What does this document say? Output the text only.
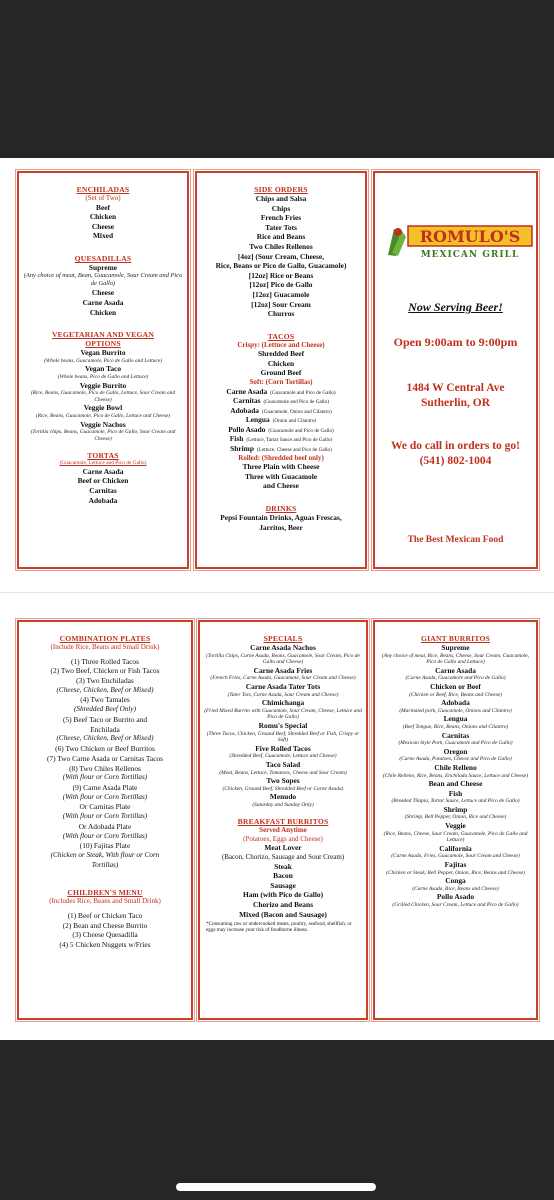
ENCHILADAS
(Set of Two)
Beef
Chicken
Cheese
Mixed
QUESADILLAS
Supreme
(Any choice of meat, Bean, Guacamole, Sour Cream and Pico de Gallo)
Cheese
Carne Asada
Chicken
VEGETARIAN AND VEGAN OPTIONS
Vegan Burrito
(Whole beans, Guacamole, Pico de Gallo and Lettuce)
Vegan Taco
(Whole beans, Pico de Gallo and Lettuce)
Veggie Burrito
(Rice, Beans, Guacamole, Pico de Gallo, Lettuce, Sour Cream and Cheese)
Veggie Bowl
(Rice, Beans, Guacamole, Pico de Gallo, Lettuce and Cheese)
Veggie Nachos
(Tortilla chips, Beans, Guacamole, Pico de Gallo, Sour Cream and Cheese)
TORTAS
(Guacamole, Lettuce and Pico de Gallo)
Carne Asada
Beef or Chicken
Carnitas
Adobada
SIDE ORDERS
Chips and Salsa
Chips
French Fries
Tater Tots
Rice and Beans
Two Chiles Rellenos
[4oz] (Sour Cream, Cheese,
Rice, Beans or Pico de Gallo, Guacamole)
[12oz] Rice or Beans
[12oz] Pico de Gallo
[12oz] Guacamole
[12oz] Sour Cream
Churros
TACOS
Crispy: (Lettuce and Cheese)
Shredded Beef
Chicken
Ground Beef
Soft: (Corn Tortillas)
Carne Asada (Guacamole and Pico de Gallo)
Carnitas (Guacamole and Pico de Gallo)
Adobada (Guacamole, Onion and Cilantro)
Lengua (Onion and Cilantro)
Pollo Asado (Guacamole and Pico de Gallo)
Fish (Lettuce, Tartar Sauce and Pico de Gallo)
Shrimp (Lettuce, Cheese and Pico de Gallo)
Rolled: (Shredded beef only)
Three Plain with Cheese
Three with Guacamole
and Cheese
DRINKS
Pepsi Fountain Drinks, Aguas Frescas,
Jarritos, Beer
ROMULO'S
MEXICAN GRILL
Now Serving Beer!
Open 9:00am to 9:00pm
1484 W Central Ave
Sutherlin, OR
We do call in orders to go!
(541) 802-1004
The Best Mexican Food
COMBINATION PLATES
(Include Rice, Beans and Small Drink)
(1) Three Rolled Tacos
(2) Two Beef, Chicken or Fish Tacos
(3) Two Enchiladas
(Cheese, Chicken, Beef or Mixed)
(4) Two Tamales
(Shredded Beef Only)
(5) Beef Taco or Burrito and
Enchilada
(Cheese, Chicken, Beef or Mixed)
(6) Two Chicken or Beef Burritos
(7) Two Carne Asada or Carnitas Tacos
(8) Two Chiles Rellenos
(With flour or Corn Tortillas)
(9) Carne Asada Plate
(With flour or Corn Tortillas)
Or Carnitas Plate
(With flour or Corn Tortillas)
Or Adobada Plate
(With flour or Corn Tortillas)
(10) Fajitas Plate
(Chicken or Steak, With flour or Corn
Tortillas)
CHILDREN'S MENU
(Includes Rice, Beans and Small Drink)
(1) Beef or Chicken Taco
(2) Bean and Cheese Burrito
(3) Cheese Quesadilla
(4) 5 Chicken Nuggets w/Fries
SPECIALS
Carne Asada Nachos
(Tortilla Chips, Carne Asada, Beans, Guacamole, Sour Cream, Pico de Gallo and Cheese)
Carne Asada Fries
(French Fries, Carne Asada, Guacamole, Sour Cream and Cheese)
Carne Asada Tater Tots
(Tater Tots, Carne Asada, Sour Cream and Cheese)
Chimichanga
(Fried Mixed Burrito with Guacamole, Sour Cream, Cheese, Lettuce and Pico de Gallo)
Romu's Special
(Three Tacos, Chicken, Ground Beef, Shredded Beef or Fish, Crispy or Soft)
Five Rolled Tacos
(Shredded Beef, Guacamole, Lettuce and Cheese)
Taco Salad
(Meat, Beans, Lettuce, Tomatoes, Cheese and Sour Cream)
Two Sopes
(Chicken, Ground Beef, Shredded Beef or Carne Asada)
Menudo
(Saturday and Sunday Only)
BREAKFAST BURRITOS
Served Anytime
(Potatoes, Eggs and Cheese)
Meat Lover
(Bacon, Chorizo, Sausage and Sour Cream)
Steak
Bacon
Sausage
Ham (with Pico de Gallo)
Chorizo and Beans
Mixed (Bacon and Sausage)
*Consuming raw or undercooked meats, poultry, seafood, shellfish, or eggs may increase your risk of foodborne illness.
GIANT BURRITOS
Supreme
(Any choice of meat, Rice, Beans, Cheese, Sour Cream, Guacamole, Pico de Gallo and Lettuce)
Carne Asada
(Carne Asada, Guacamole and Pico de Gallo)
Chicken or Beef
(Chicken or Beef, Rice, Beans and Cheese)
Adobada
(Marinated pork, Guacamole, Onions and Cilantro)
Lengua
(Beef Tongue, Rice, Beans, Onions and Cilantro)
Carnitas
(Mexican Style Pork, Guacamole and Pico de Gallo)
Oregon
(Carne Asada, Potatoes, Cheese and Pico de Gallo)
Chile Relleno
(Chile Relleno, Rice, Beans, Enchilada Sauce, Lettuce and Cheese)
Bean and Cheese
Fish
(Breaded Tilapia, Tartar Sauce, Lettuce and Pico de Gallo)
Shrimp
(Shrimp, Bell Pepper, Onion, Rice and Cheese)
Veggie
(Rice, Beans, Cheese, Sour Cream, Guacamole, Pico de Gallo and Lettuce)
California
(Carne Asada, Fries, Guacamole, Sour Cream and Cheese)
Fajitas
(Chicken or Steak, Bell Pepper, Onion, Rice, Beans and Cheese)
Conga
(Carne Asada, Rice, Beans and Cheese)
Pollo Asado
(Grilled Chicken, Sour Cream, Lettuce and Pico de Gallo)
